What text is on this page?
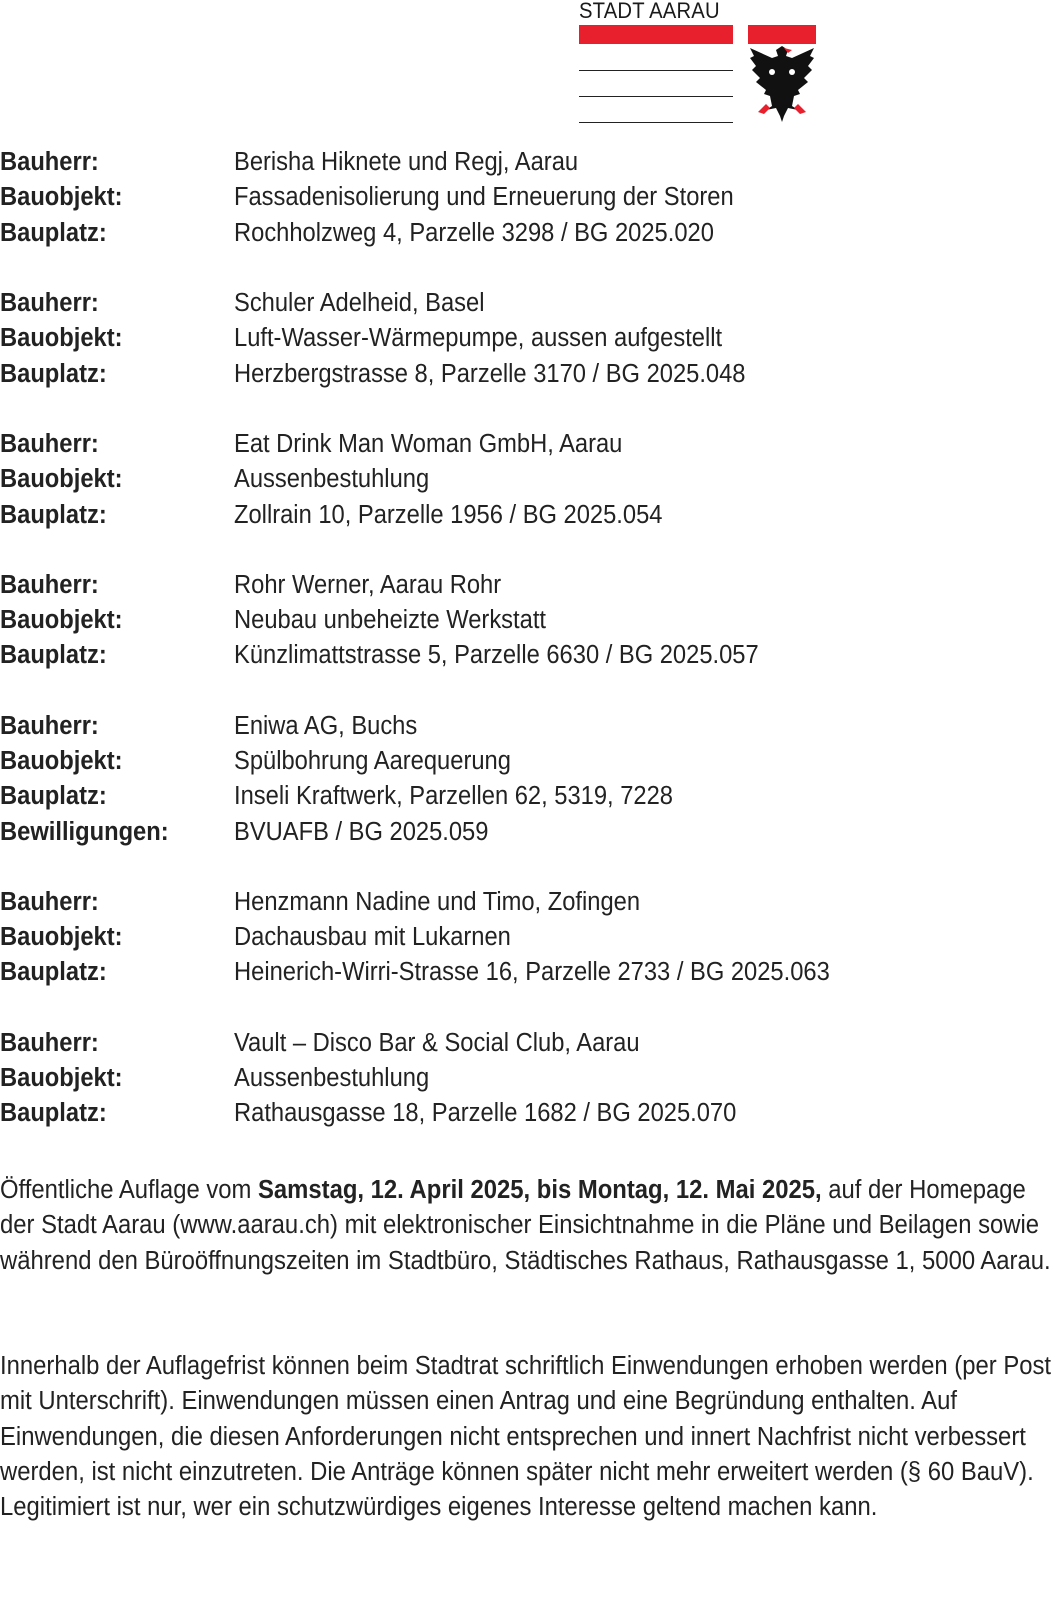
STADT AARAU
Bauherr:	Berisha Hiknete und Regj, Aarau
Bauobjekt:	Fassadenisolierung und Erneuerung der Storen
Bauplatz:	Rochholzweg 4, Parzelle 3298 / BG 2025.020
Bauherr:	Schuler Adelheid, Basel
Bauobjekt:	Luft-Wasser-Wärmepumpe, aussen aufgestellt
Bauplatz:	Herzbergstrasse 8, Parzelle 3170 / BG 2025.048
Bauherr:	Eat Drink Man Woman GmbH, Aarau
Bauobjekt:	Aussenbestuhlung
Bauplatz:	Zollrain 10, Parzelle 1956 / BG 2025.054
Bauherr:	Rohr Werner, Aarau Rohr
Bauobjekt:	Neubau unbeheizte Werkstatt
Bauplatz:	Künzlimattstrasse 5, Parzelle 6630 / BG 2025.057
Bauherr:	Eniwa AG, Buchs
Bauobjekt:	Spülbohrung Aarequerung
Bauplatz:	Inseli Kraftwerk, Parzellen 62, 5319, 7228
Bewilligungen:	BVUAFB / BG 2025.059
Bauherr:	Henzmann Nadine und Timo, Zofingen
Bauobjekt:	Dachausbau mit Lukarnen
Bauplatz:	Heinerich-Wirri-Strasse 16, Parzelle 2733 / BG 2025.063
Bauherr:	Vault – Disco Bar & Social Club, Aarau
Bauobjekt:	Aussenbestuhlung
Bauplatz:	Rathausgasse 18, Parzelle 1682 / BG 2025.070
Öffentliche Auflage vom Samstag, 12. April 2025, bis Montag, 12. Mai 2025, auf der Homepage der Stadt Aarau (www.aarau.ch) mit elektronischer Einsichtnahme in die Pläne und Beilagen sowie während den Büroöffnungszeiten im Stadtbüro, Städtisches Rathaus, Rathausgasse 1, 5000 Aarau.
Innerhalb der Auflagefrist können beim Stadtrat schriftlich Einwendungen erhoben werden (per Post mit Unterschrift). Einwendungen müssen einen Antrag und eine Begründung enthalten. Auf Einwendungen, die diesen Anforderungen nicht entsprechen und innert Nachfrist nicht verbessert werden, ist nicht einzutreten. Die Anträge können später nicht mehr erweitert werden (§ 60 BauV). Legitimiert ist nur, wer ein schutzwürdiges eigenes Interesse geltend machen kann.
